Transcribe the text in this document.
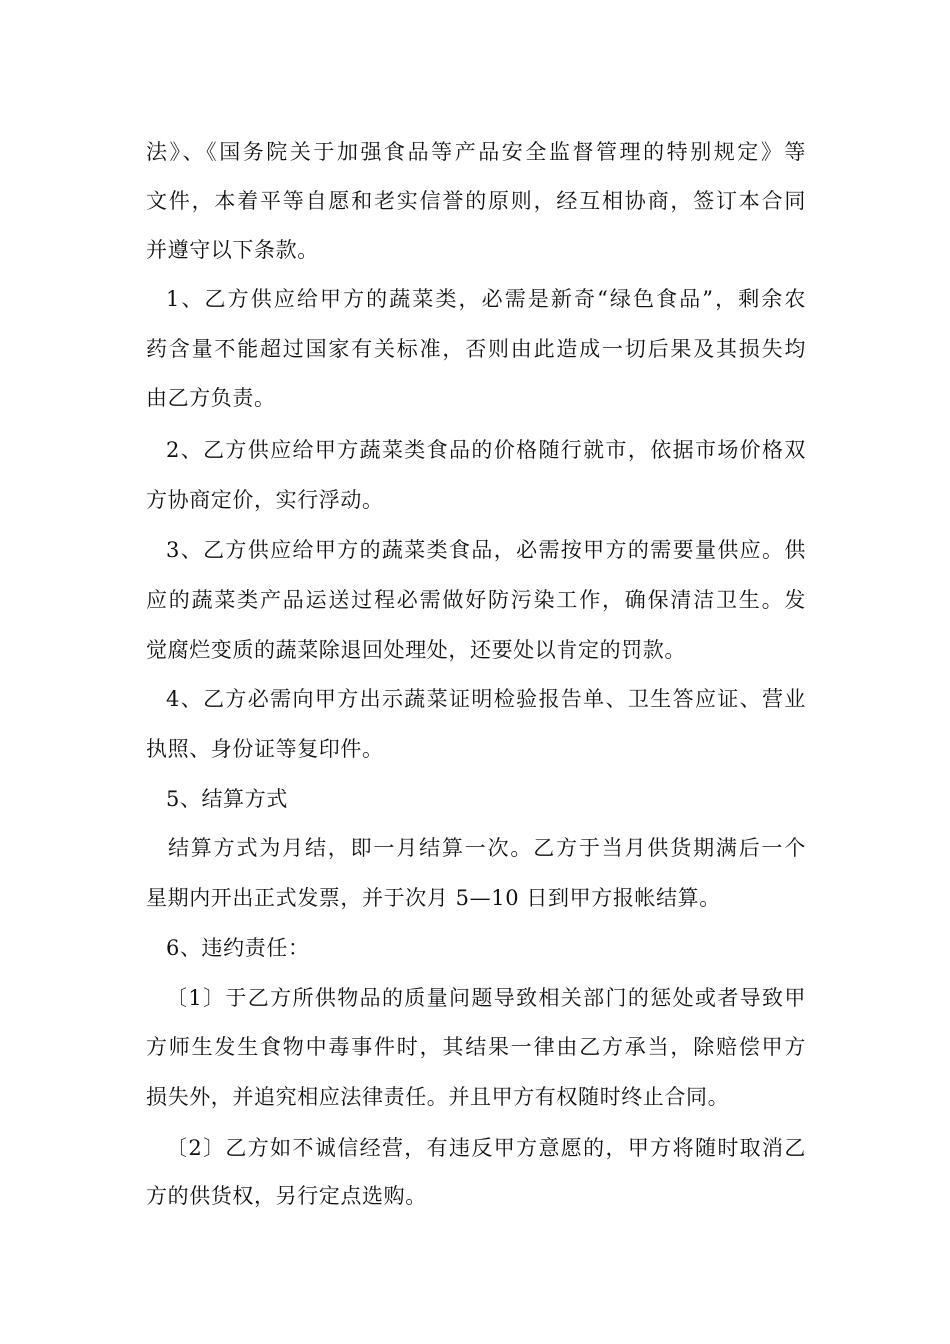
法》、《国务院关于加强食品等产品安全监督管理的特别规定》等
文件，本着平等自愿和老实信誉的原则，经互相协商，签订本合同
并遵守以下条款。
1、乙方供应给甲方的蔬菜类，必需是新奇“绿色食品”，剩余农
药含量不能超过国家有关标准，否则由此造成一切后果及其损失均
由乙方负责。
2、乙方供应给甲方蔬菜类食品的价格随行就市，依据市场价格双
方协商定价，实行浮动。
3、乙方供应给甲方的蔬菜类食品，必需按甲方的需要量供应。供
应的蔬菜类产品运送过程必需做好防污染工作，确保清洁卫生。发
觉腐烂变质的蔬菜除退回处理处，还要处以肯定的罚款。
4、乙方必需向甲方出示蔬菜证明检验报告单、卫生答应证、营业
执照、身份证等复印件。
5、结算方式
结算方式为月结，即一月结算一次。乙方于当月供货期满后一个
星期内开出正式发票，并于次月 5—10 日到甲方报帐结算。
6、违约责任：
〔1〕于乙方所供物品的质量问题导致相关部门的惩处或者导致甲
方师生发生食物中毒事件时，其结果一律由乙方承当，除赔偿甲方
损失外，并追究相应法律责任。并且甲方有权随时终止合同。
〔2〕乙方如不诚信经营，有违反甲方意愿的，甲方将随时取消乙
方的供货权，另行定点选购。
